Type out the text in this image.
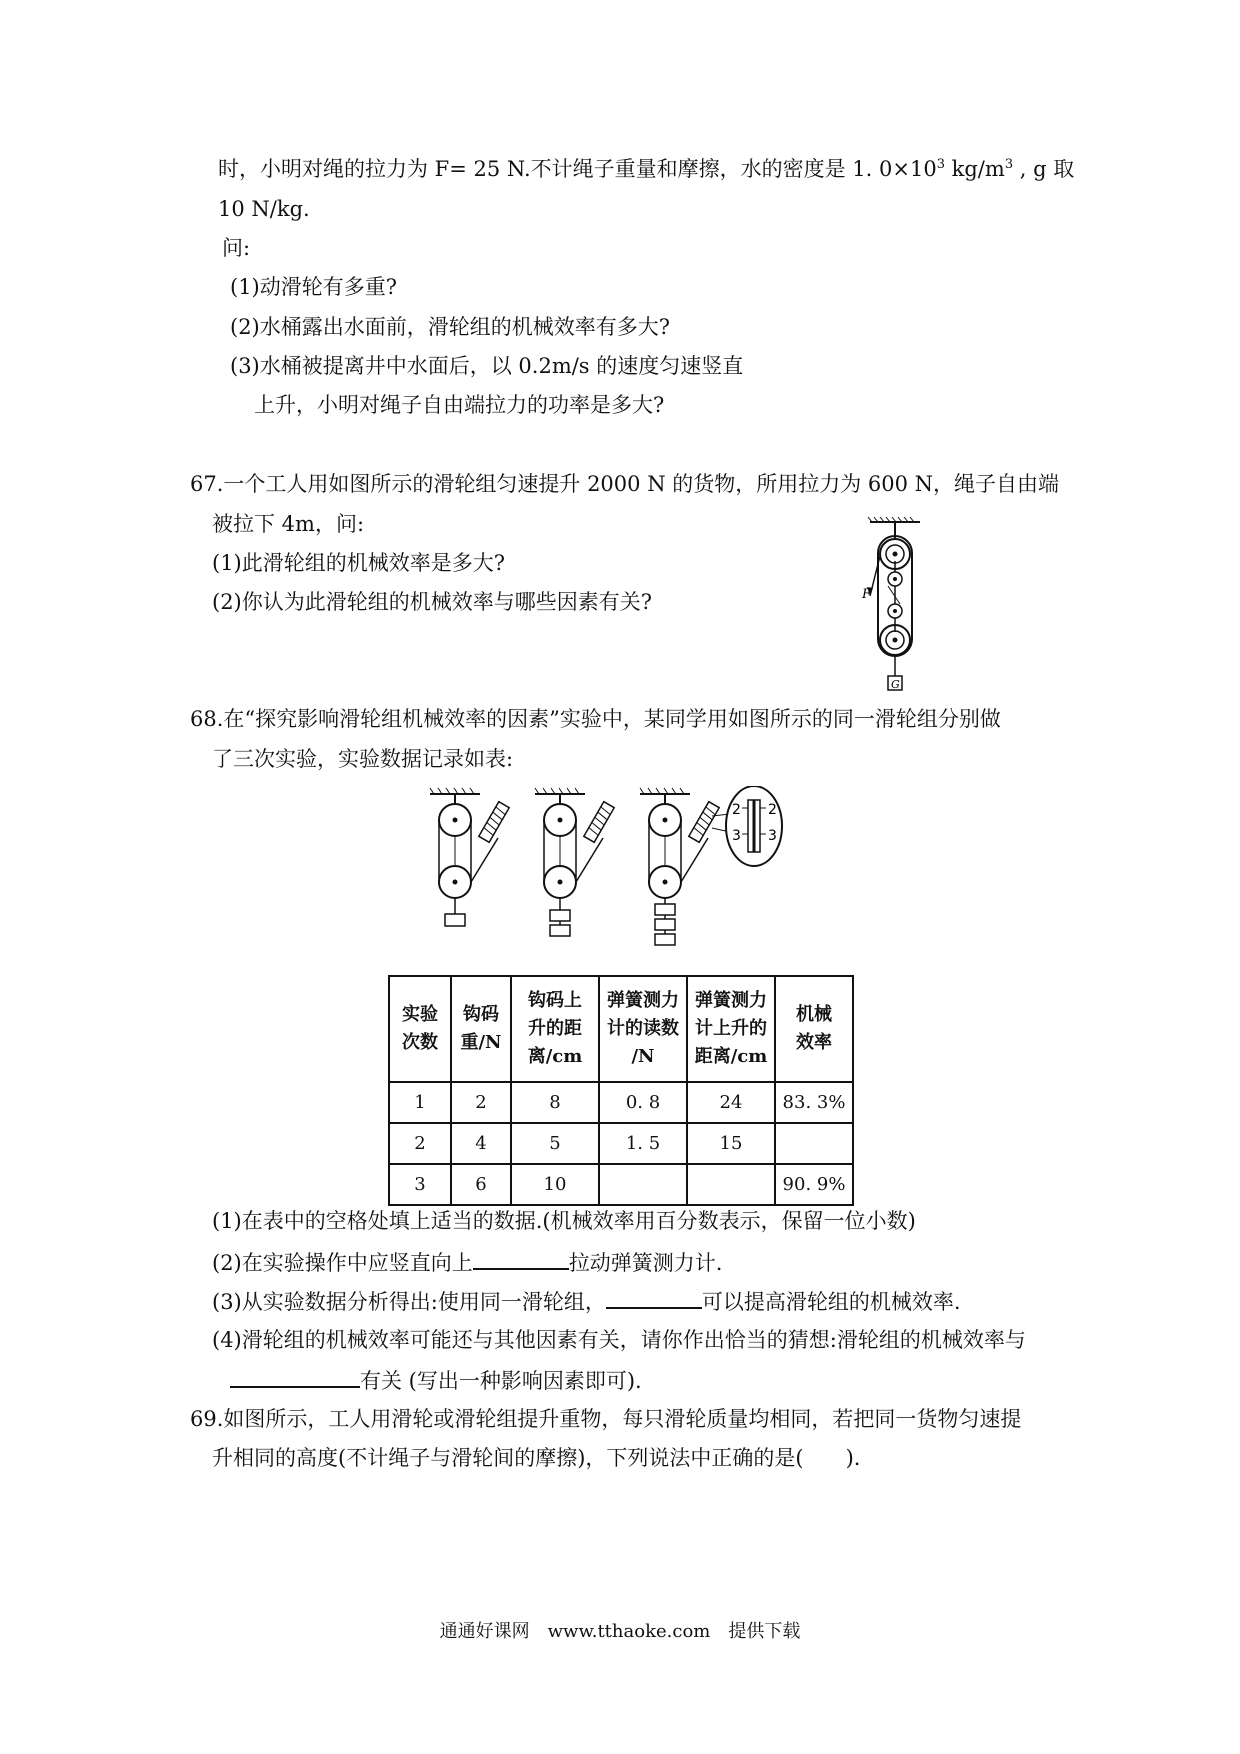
时，小明对绳的拉力为 F= 25 N.不计绳子重量和摩擦，水的密度是 1. $0\times 10^3$ $kg/m^3$ , g 取
10 N/kg.
问:
(1)动滑轮有多重?
(2)水桶露出水面前，滑轮组的机械效率有多大?
(3)水桶被提离井中水面后，以 0.2m/s 的速度匀速竖直
上升，小明对绳子自由端拉力的功率是多大?
67.一个工人用如图所示的滑轮组匀速提升 2000 N 的货物，所用拉力为 600 N，绳子自由端
被拉下 4m，问:
(1)此滑轮组的机械效率是多大?
(2)你认为此滑轮组的机械效率与哪些因素有关?	F
G
68.在“探究影响滑轮组机械效率的因素”实验中，某同学用如图所示的同一滑轮组分别做
了三次实验，实验数据记录如表:
2
3
2
3
实验
次数	钩码
重/N	钩码上
升的距
离/cm	弹簧测力
计的读数
/N	弹簧测力
计上升的
距离/cm	机械
效率
1	2	8	0. 8	24	83. 3%
2	4	5	1. 5	15	
3	6	10			90. 9%
(1)在表中的空格处填上适当的数据.(机械效率用百分数表示，保留一位小数)
(2)在实验操作中应竖直向上	拉动弹簧测力计.
(3)从实验数据分析得出:使用同一滑轮组，	可以提高滑轮组的机械效率.
(4)滑轮组的机械效率可能还与其他因素有关，请你作出恰当的猜想:滑轮组的机械效率与
有关 (写出一种影响因素即可).
69.如图所示，工人用滑轮或滑轮组提升重物，每只滑轮质量均相同，若把同一货物匀速提
升相同的高度(不计绳子与滑轮间的摩擦)，下列说法中正确的是(　　).
通通好课网　www.tthaoke.com　提供下载
